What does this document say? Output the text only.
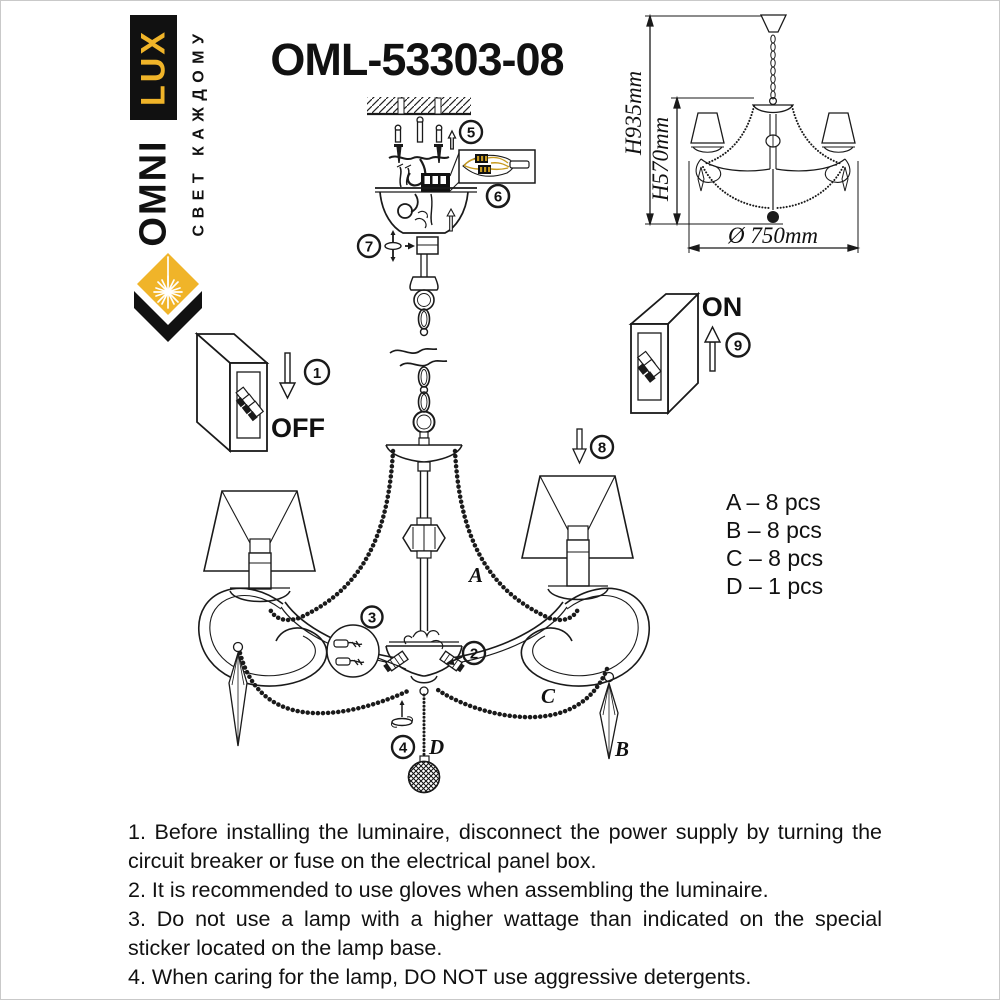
LUX
OMNI СВЕТ КАЖДОМУ OML-53303-08
H935mm
H570mm
Ø 750mm
5
6
7
A
8
B
C
2
3
4 D
1
OFF
ON
9
A – 8 pcs
B – 8 pcs
C – 8 pcs
D – 1 pcs

1. Before installing the luminaire, disconnect the power supply by turning the circuit breaker or fuse on the electrical panel box.

2. It is recommended to use gloves when assembling the luminaire.

3. Do not use a lamp with a higher wattage than indicated on the special sticker located on the lamp base.

4. When caring for the lamp, DO NOT use aggressive detergents.
